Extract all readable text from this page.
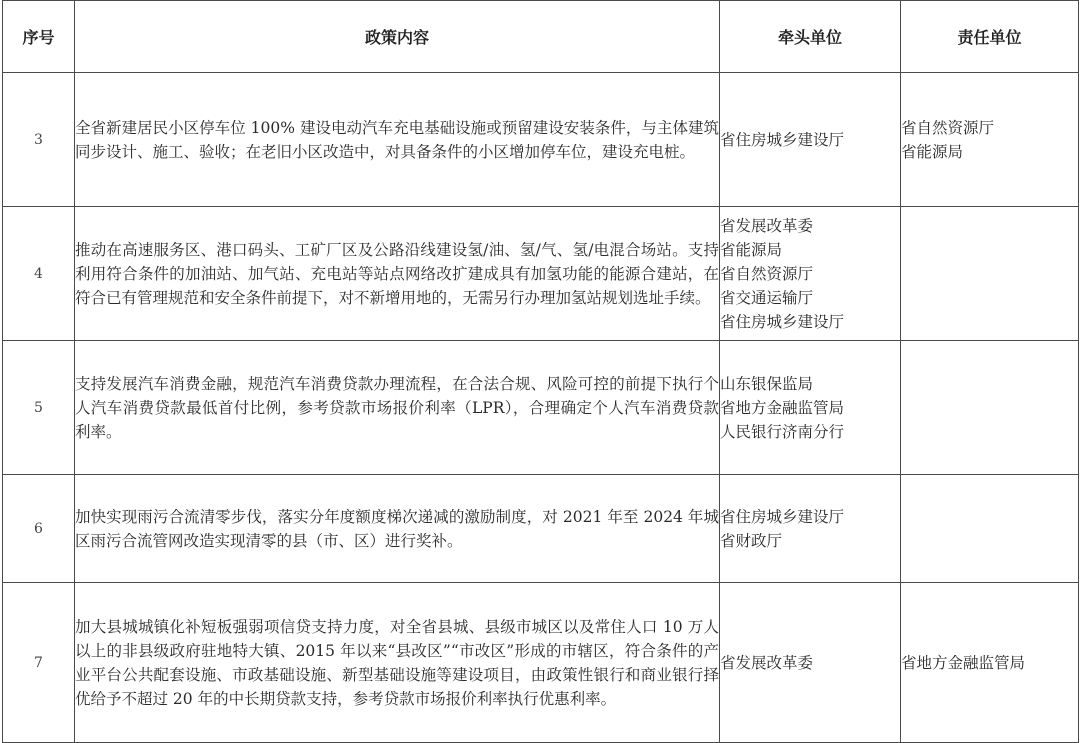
序号	政策内容	牵头单位	责任单位
3	全省新建居民小区停车位 100% 建设电动汽车充电基础设施或预留建设安装条件，与主体建筑同步设计、施工、验收；在老旧小区改造中，对具备条件的小区增加停车位，建设充电桩。	省住房城乡建设厅	省自然资源厅
省能源局

4	推动在高速服务区、港口码头、工矿厂区及公路沿线建设氢/油、氢/气、氢/电混合场站。支持利用符合条件的加油站、加气站、充电站等站点网络改扩建成具有加氢功能的能源合建站，在符合已有管理规范和安全条件前提下，对不新增用地的，无需另行办理加氢站规划选址手续。	省发展改革委
省能源局
省自然资源厅
省交通运输厅
省住房城乡建设厅	

5	支持发展汽车消费金融，规范汽车消费贷款办理流程，在合法合规、风险可控的前提下执行个人汽车消费贷款最低首付比例，参考贷款市场报价利率（LPR），合理确定个人汽车消费贷款利率。	山东银保监局
省地方金融监管局
人民银行济南分行	

6	加快实现雨污合流清零步伐，落实分年度额度梯次递减的激励制度，对 2021 年至 2024 年城区雨污合流管网改造实现清零的县（市、区）进行奖补。	省住房城乡建设厅
省财政厅	

7	加大县城城镇化补短板强弱项信贷支持力度，对全省县城、县级市城区以及常住人口 10 万人以上的非县级政府驻地特大镇、2015 年以来“县改区”“市改区”形成的市辖区，符合条件的产业平台公共配套设施、市政基础设施、新型基础设施等建设项目，由政策性银行和商业银行择优给予不超过 20 年的中长期贷款支持，参考贷款市场报价利率执行优惠利率。	省发展改革委	省地方金融监管局
